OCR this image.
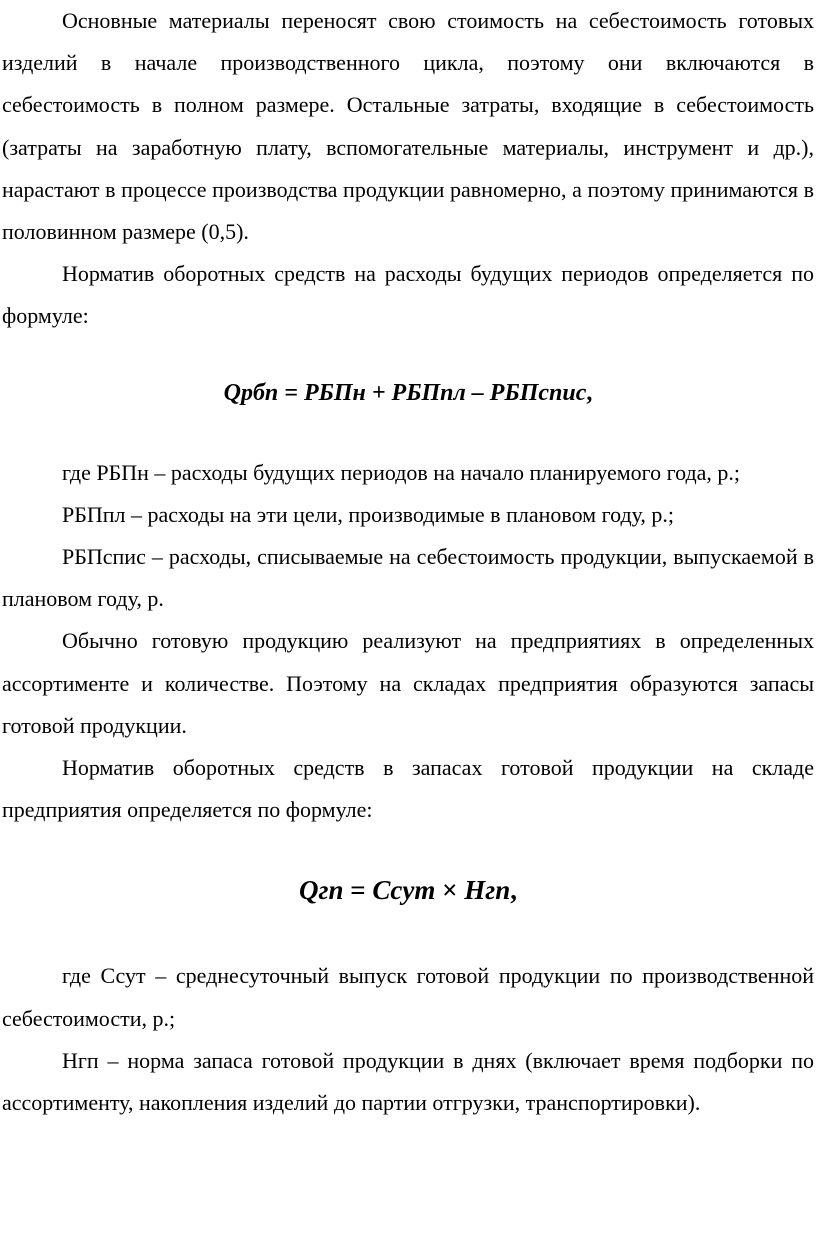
Основные материалы переносят свою стоимость на себестоимость готовых изделий в начале производственного цикла, поэтому они включаются в себестоимость в полном размере. Остальные затраты, входящие в себестоимость (затраты на заработную плату, вспомогательные материалы, инструмент и др.), нарастают в процессе производства продукции равномерно, а поэтому принимаются в половинном размере (0,5).

Норматив оборотных средств на расходы будущих периодов определяется по формуле:

Qрбп = РБПн + РБПпл – РБПспис,

где РБПн – расходы будущих периодов на начало планируемого года, р.;

РБПпл – расходы на эти цели, производимые в плановом году, р.;

РБПспис – расходы, списываемые на себестоимость продукции, выпускаемой в плановом году, р.

Обычно готовую продукцию реализуют на предприятиях в определенных ассортименте и количестве. Поэтому на складах предприятия образуются запасы готовой продукции.

Норматив оборотных средств в запасах готовой продукции на складе предприятия определяется по формуле:

Qгп = Сcут × Нгп,

где Ссут – среднесуточный выпуск готовой продукции по производственной себестоимости, р.;

Нгп – норма запаса готовой продукции в днях (включает время подборки по ассортименту, накопления изделий до партии отгрузки, транспортировки).
